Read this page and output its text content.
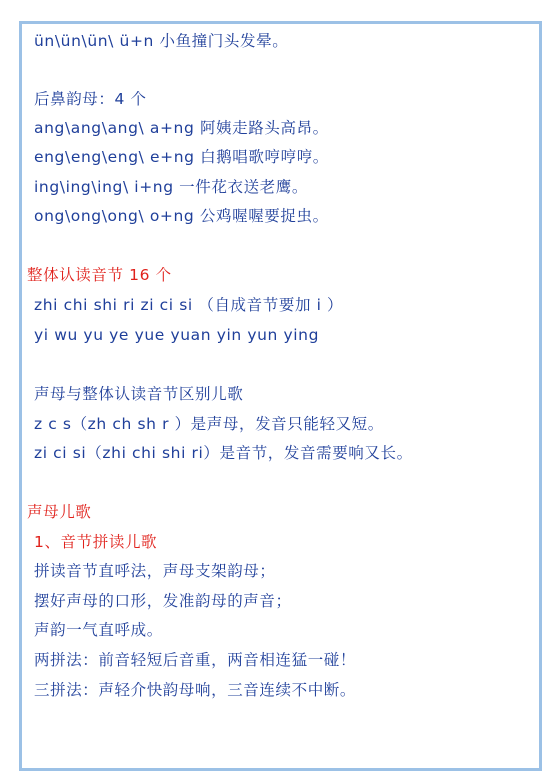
ün\ün\ün\ ü+n 小鱼撞门头发晕。
后鼻韵母：4 个
ang\ang\ang\ a+ng 阿姨走路头高昂。
eng\eng\eng\ e+ng 白鹅唱歌哼哼哼。
ing\ing\ing\ i+ng 一件花衣送老鹰。
ong\ong\ong\ o+ng 公鸡喔喔要捉虫。
整体认读音节 16 个
zhi chi shi ri zi ci si （自成音节要加 i ）
yi wu yu ye yue yuan yin yun ying
声母与整体认读音节区别儿歌
z c s（zh ch sh r ）是声母，发音只能轻又短。
zi ci si（zhi chi shi ri）是音节，发音需要响又长。
声母儿歌
1、音节拼读儿歌
拼读音节直呼法，声母支架韵母；
摆好声母的口形，发准韵母的声音；
声韵一气直呼成。
两拼法：前音轻短后音重，两音相连猛一碰！
三拼法：声轻介快韵母响，三音连续不中断。
